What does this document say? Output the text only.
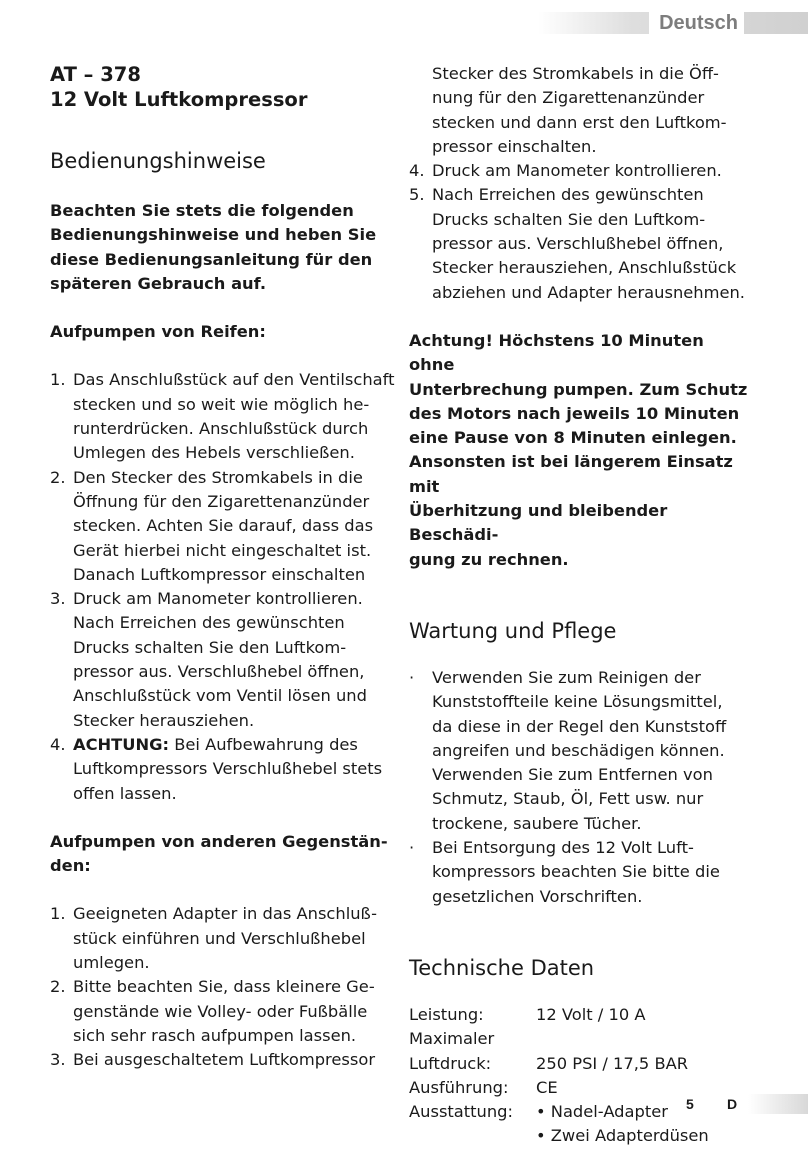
Deutsch
AT – 378
12 Volt Luftkompressor
Bedienungshinweise
Beachten Sie stets die folgenden
Bedienungshinweise und heben Sie
diese Bedienungsanleitung für den
späteren Gebrauch auf.
Aufpumpen von Reifen:
1. Das Anschlußstück auf den Ventilschaft
stecken und so weit wie möglich he-
runterdrücken. Anschlußstück durch
Umlegen des Hebels verschließen.
2. Den Stecker des Stromkabels in die
Öffnung für den Zigarettenanzünder
stecken. Achten Sie darauf, dass das
Gerät hierbei nicht eingeschaltet ist.
Danach Luftkompressor einschalten
3. Druck am Manometer kontrollieren.
Nach Erreichen des gewünschten
Drucks schalten Sie den Luftkom-
pressor aus. Verschlußhebel öffnen,
Anschlußstück vom Ventil lösen und
Stecker herausziehen.
4. ACHTUNG: Bei Aufbewahrung des
Luftkompressors Verschlußhebel stets
offen lassen.
Aufpumpen von anderen Gegenstän-
den:
1. Geeigneten Adapter in das Anschluß-
stück einführen und Verschlußhebel
umlegen.
2. Bitte beachten Sie, dass kleinere Ge-
genstände wie Volley- oder Fußbälle
sich sehr rasch aufpumpen lassen.
3. Bei ausgeschaltetem Luftkompressor
Stecker des Stromkabels in die Öff-
nung für den Zigarettenanzünder
stecken und dann erst den Luftkom-
pressor einschalten.
4. Druck am Manometer kontrollieren.
5. Nach Erreichen des gewünschten
Drucks schalten Sie den Luftkom-
pressor aus. Verschlußhebel öffnen,
Stecker herausziehen, Anschlußstück
abziehen und Adapter herausnehmen.
Achtung! Höchstens 10 Minuten ohne
Unterbrechung pumpen. Zum Schutz
des Motors nach jeweils 10 Minuten
eine Pause von 8 Minuten einlegen.
Ansonsten ist bei längerem Einsatz mit
Überhitzung und bleibender Beschädi-
gung zu rechnen.
Wartung und Pflege
· Verwenden Sie zum Reinigen der
Kunststoffteile keine Lösungsmittel,
da diese in der Regel den Kunststoff
angreifen und beschädigen können.
Verwenden Sie zum Entfernen von
Schmutz, Staub, Öl, Fett usw. nur
trockene, saubere Tücher.
· Bei Entsorgung des 12 Volt Luft-
kompressors beachten Sie bitte die
gesetzlichen Vorschriften.
Technische Daten
Leistung:	12 Volt / 10 A
Maximaler
Luftdruck:	250 PSI / 17,5 BAR
Ausführung:	CE
Ausstattung:	• Nadel-Adapter
• Zwei Adapterdüsen
5 D
